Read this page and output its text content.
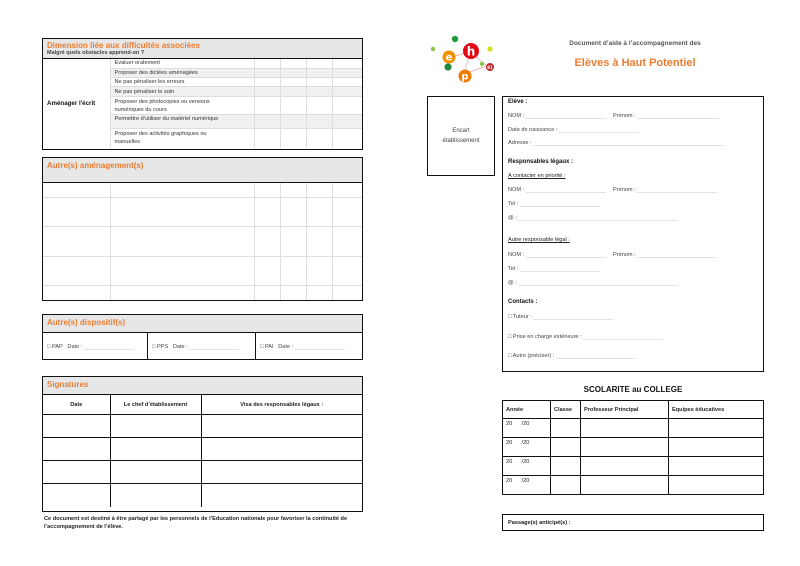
Dimension liée aux difficultés associées
Malgré quels obstacles apprend-on ?
Aménager l'écrit	Evaluer oralement				
	Proposer des dictées aménagées				
	Ne pas pénaliser les erreurs				
	Ne pas pénaliser le soin				
	Proposer des photocopies ou versions numériques du cours				
	Permettre d’utiliser du matériel numérique				
	Proposer des activités graphiques ou manuelles				
Autre(s) aménagement(s)

Autre(s) dispositif(s)
□ PAP Date :	□ PPS Date :	□ PAI Date :
Signatures
Date	Le chef d’établissement	Visa des responsables légaux :

Ce document est destiné à être partagé par les personnels de l’Education nationale pour favoriser la continuité de l’accompagnement de l’élève.
e h
p
91
Document d’aide à l’accompagnement des
Elèves à Haut Potentiel
Encart
établissement
Elève :
NOM :	Prénom :
Date de naissance :
Adresse :
Responsables légaux :
A contacter en priorité :
NOM :	Prénom :
Tel :
@ :
Autre responsable légal :
NOM :	Prénom :
Tel :
@ :
Contacts :
□ Tuteur :
□ Prise en charge extérieure :
□ Autre (préciser) :
SCOLARITE au COLLEGE
Année	Classe	Professeur Principal	Equipes éducatives
20      /20			
20      /20			
20      /20			
20      /20			
Passage(s) anticipé(s) :
